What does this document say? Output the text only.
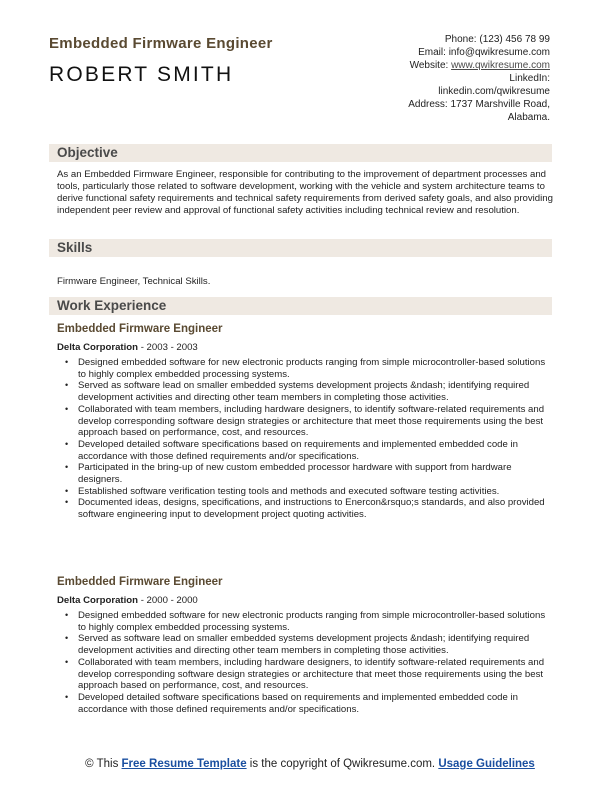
Embedded Firmware Engineer
ROBERT SMITH
Phone: (123) 456 78 99
Email: info@qwikresume.com
Website: www.qwikresume.com
LinkedIn:
linkedin.com/qwikresume
Address: 1737 Marshville Road,
Alabama.
Objective
As an Embedded Firmware Engineer, responsible for contributing to the improvement of department processes and tools, particularly those related to software development, working with the vehicle and system architecture teams to derive functional safety requirements and technical safety requirements from derived safety goals, and also providing independent peer review and approval of functional safety activities including technical review and resolution.
Skills
Firmware Engineer, Technical Skills.
Work Experience
Embedded Firmware Engineer
Delta Corporation - 2003 - 2003
• Designed embedded software for new electronic products ranging from simple microcontroller-based solutions to highly complex embedded processing systems.
• Served as software lead on smaller embedded systems development projects &ndash; identifying required development activities and directing other team members in completing those activities.
• Collaborated with team members, including hardware designers, to identify software-related requirements and develop corresponding software design strategies or architecture that meet those requirements using the best approach based on performance, cost, and resources.
• Developed detailed software specifications based on requirements and implemented embedded code in accordance with those defined requirements and/or specifications.
• Participated in the bring-up of new custom embedded processor hardware with support from hardware designers.
• Established software verification testing tools and methods and executed software testing activities.
• Documented ideas, designs, specifications, and instructions to Enercon&rsquo;s standards, and also provided software engineering input to development project quoting activities.
Embedded Firmware Engineer
Delta Corporation - 2000 - 2000
• Designed embedded software for new electronic products ranging from simple microcontroller-based solutions to highly complex embedded processing systems.
• Served as software lead on smaller embedded systems development projects &ndash; identifying required development activities and directing other team members in completing those activities.
• Collaborated with team members, including hardware designers, to identify software-related requirements and develop corresponding software design strategies or architecture that meet those requirements using the best approach based on performance, cost, and resources.
• Developed detailed software specifications based on requirements and implemented embedded code in accordance with those defined requirements and/or specifications.
© This Free Resume Template is the copyright of Qwikresume.com. Usage Guidelines
